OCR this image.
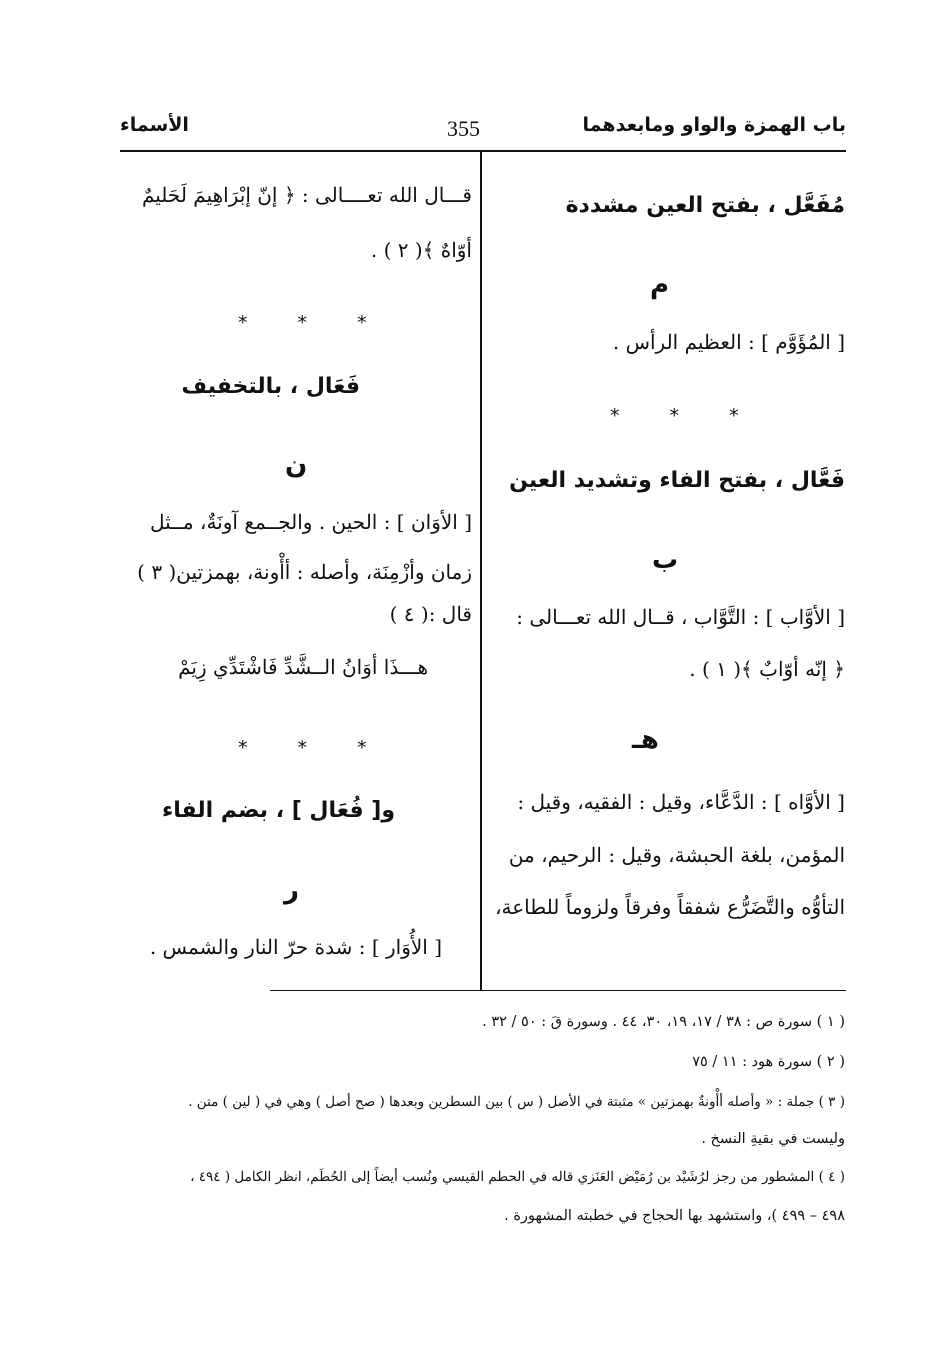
باب الهمزة والواو ومابعدهما
355
الأسماء
مُفَعَّل ، بفتح العين مشددة
م
[ المُؤَوَّم ] : العظيم الرأس .
* * *
فَعَّال ، بفتح الفاء وتشديد العين
ب
[ الأوَّاب ] : التَّوَّاب ، قــال الله تعـــالى :
﴿ إنّه أوّابٌ ﴾( ١ ) .
هـ
[ الأوَّاه ] : الدَّعَّاء، وقيل : الفقيه، وقيل :
المؤمن، بلغة الحبشة، وقيل : الرحيم، من
التأوُّه والتَّضَرُّع شفقاً وفرقاً ولزوماً للطاعة،
قـــال الله تعــــالى : ﴿ إنّ إبْرَاهِيمَ لَحَليمٌ
أوّاهٌ ﴾( ٢ ) .
* * *
فَعَال ، بالتخفيف
ن
[ الأوَان ] : الحين . والجــمع آونَةٌ، مــثل
زمان وأزْمِنَة، وأصله : أأْونة، بهمزتين( ٣ )
قال :( ٤ )
هـــذَا أوَانُ الــشَّدِّ فَاشْتَدِّي زِيَمْ
* * *
و[ فُعَال ] ، بضم الفاء
ر
[ الأُوَار ] : شدة حرّ النار والشمس .
( ١ ) سورة ص : ٣٨ / ١٧، ١٩، ٣٠، ٤٤ . وسورة قَ : ٥٠ / ٣٢ .
( ٢ ) سورة هود : ١١ / ٧٥
( ٣ ) جملة : « وأصله أأْونةٌ بهمزتين » مثبتة في الأصل ( س ) بين السطرين وبعدها ( صح أصل ) وهي في ( لين ) متن .
وليست في بقيةِ النسخ .
( ٤ ) المشطور من رجز لرُشَيْد بن رُمَيْض العَنَزي قاله في الحطم القيسي ونُسب أيضاً إلى الحُطَم، انظر الكامل ( ٤٩٤ ،
٤٩٨ – ٤٩٩ )، واستشهد بها الحجاج في خطبته المشهورة .
